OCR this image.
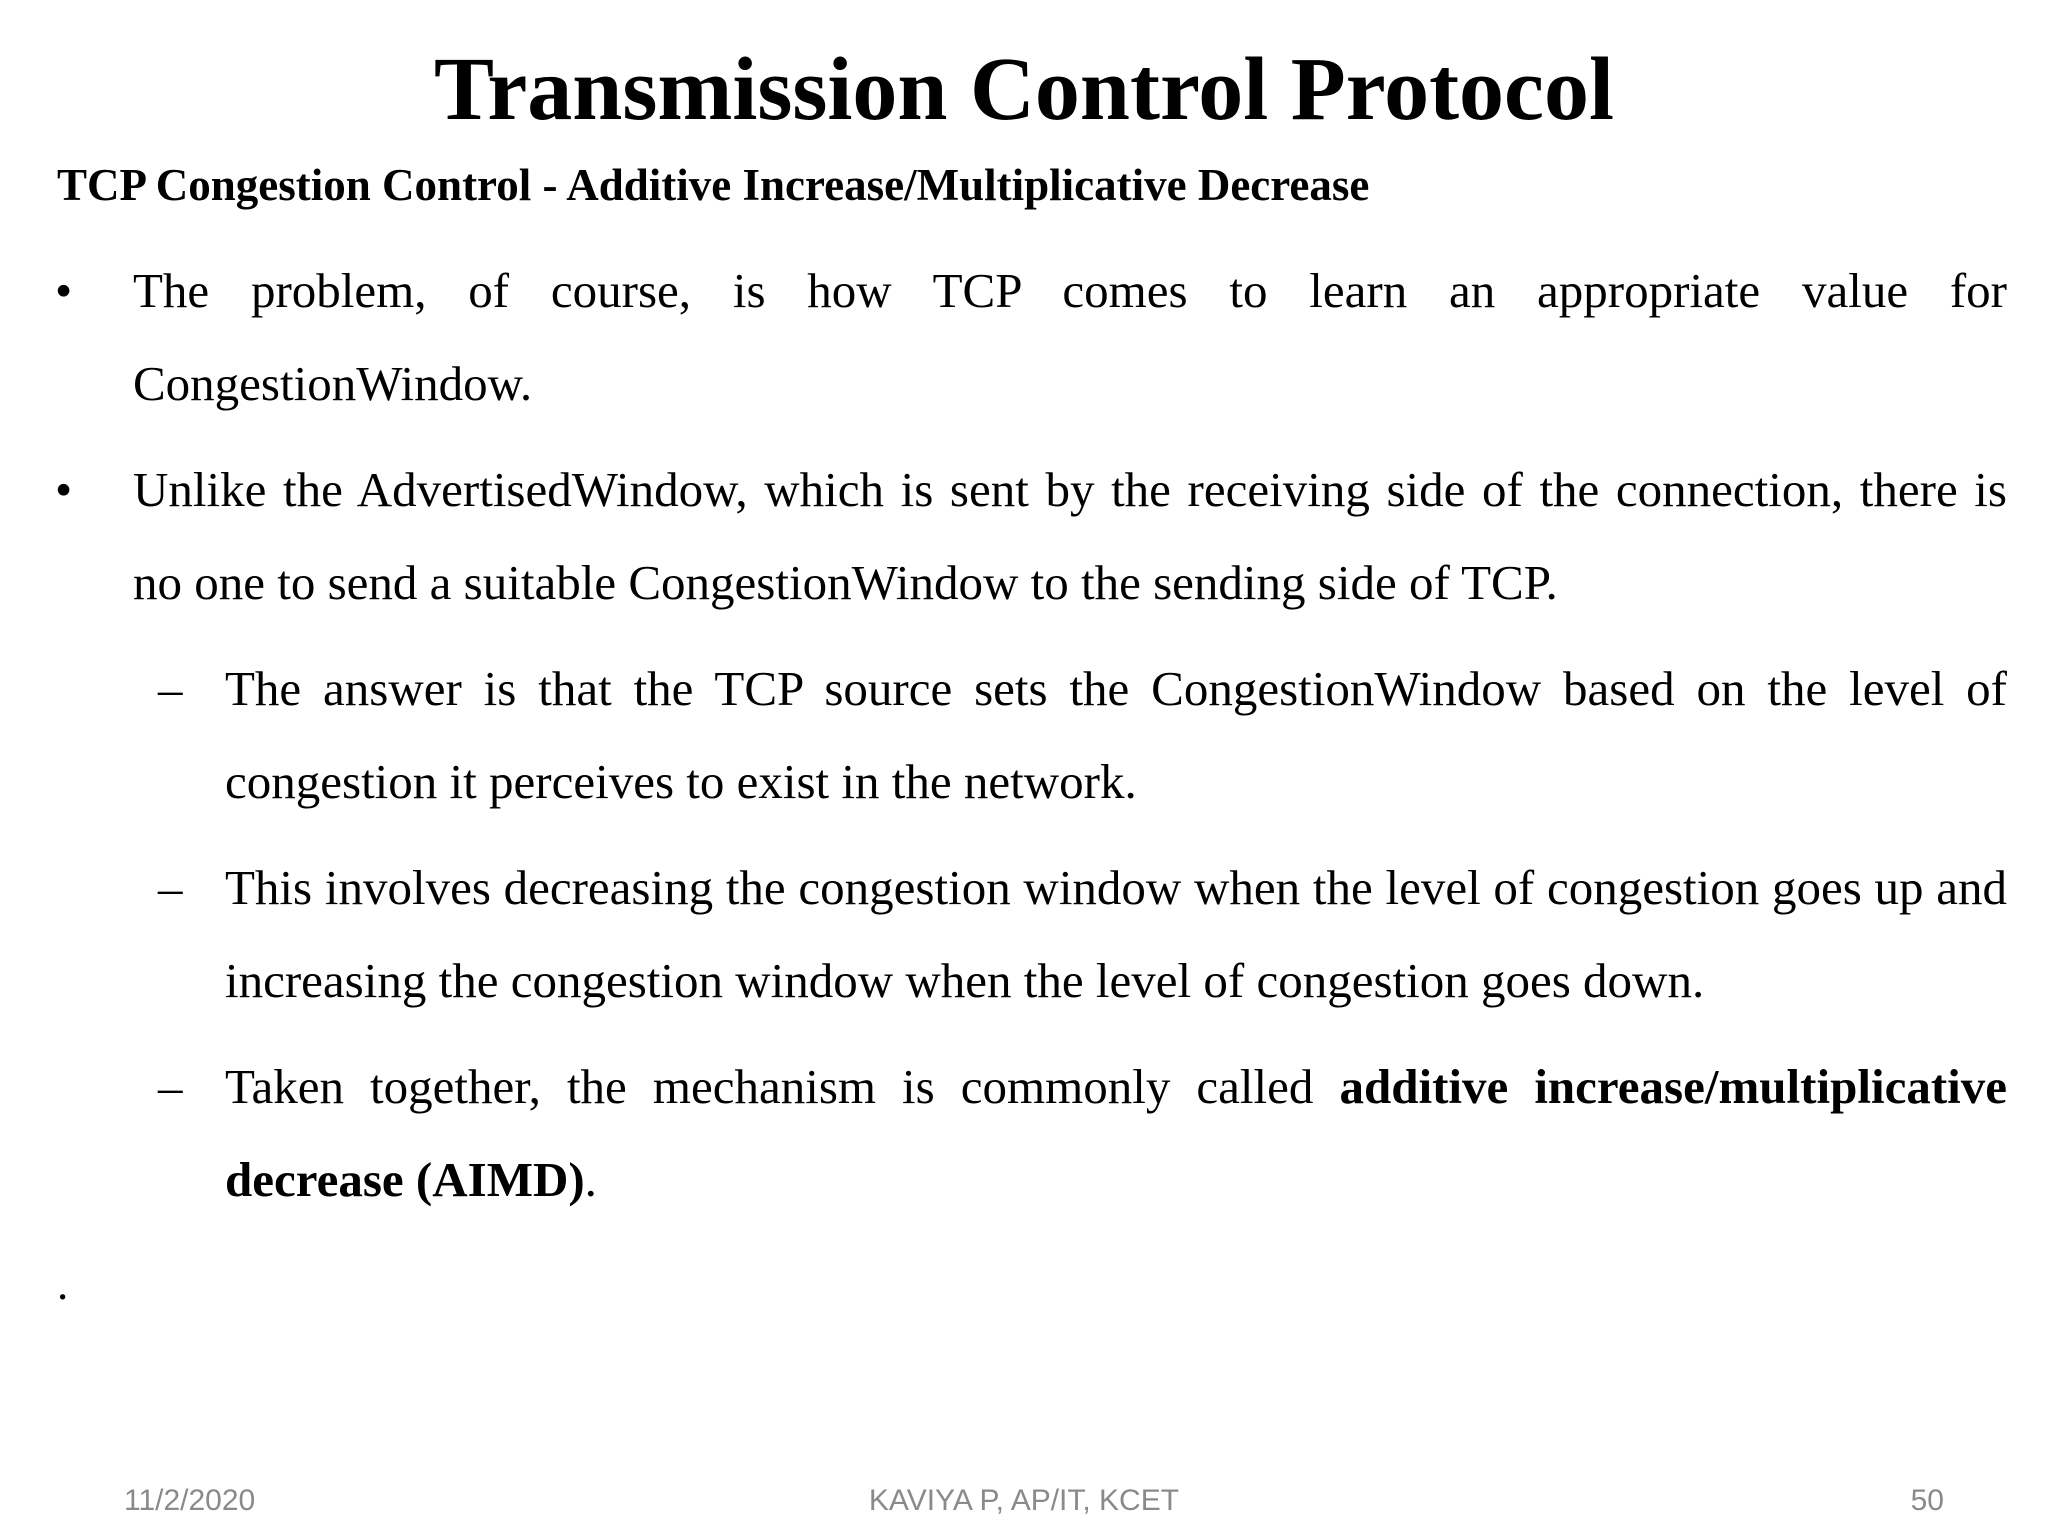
Transmission Control Protocol

TCP Congestion Control - Additive Increase/Multiplicative Decrease

• The problem, of course, is how TCP comes to learn an appropriate value for CongestionWindow.

• Unlike the AdvertisedWindow, which is sent by the receiving side of the connection, there is no one to send a suitable CongestionWindow to the sending side of TCP.

– The answer is that the TCP source sets the CongestionWindow based on the level of congestion it perceives to exist in the network.

– This involves decreasing the congestion window when the level of congestion goes up and increasing the congestion window when the level of congestion goes down.

– Taken together, the mechanism is commonly called additive increase/multiplicative decrease (AIMD).

.
11/2/2020	KAVIYA P, AP/IT, KCET	50
